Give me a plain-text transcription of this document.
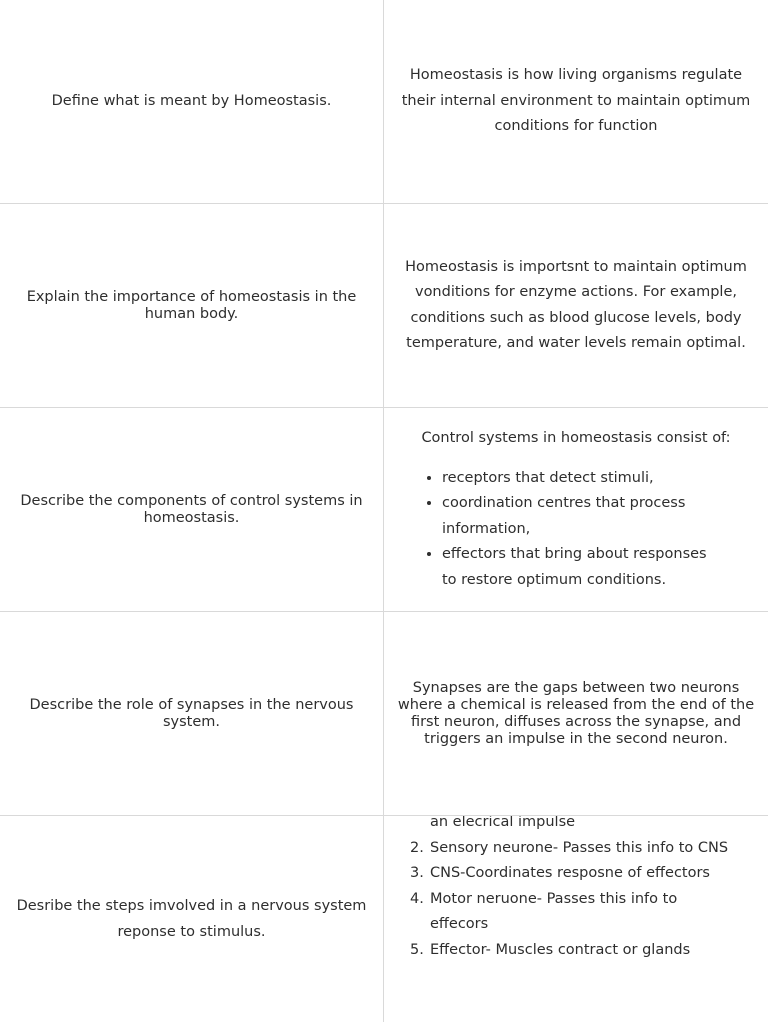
Define what is meant by Homeostasis.
Homeostasis is how living organisms regulate their internal environment to maintain optimum conditions for function
Explain the importance of homeostasis in the human body.
Homeostasis is importsnt to maintain optimum vonditions for enzyme actions. For example, conditions such as blood glucose levels, body temperature, and water levels remain optimal.
Describe the components of control systems in homeostasis.
Control systems in homeostasis consist of:
• receptors that detect stimuli,
• coordination centres that process information,
• effectors that bring about responses to restore optimum conditions.
Describe the role of synapses in the nervous system.
Synapses are the gaps between two neurons where a chemical is released from the end of the first neuron, diffuses across the synapse, and triggers an impulse in the second neuron.
Desribe the steps imvolved in a nervous system reponse to stimulus.
an elecrical impulse
Sensory neurone- Passes this info to CNS
CNS-Coordinates resposne of effectors
Motor neruone- Passes this info to effecors
Effector- Muscles contract or glands
